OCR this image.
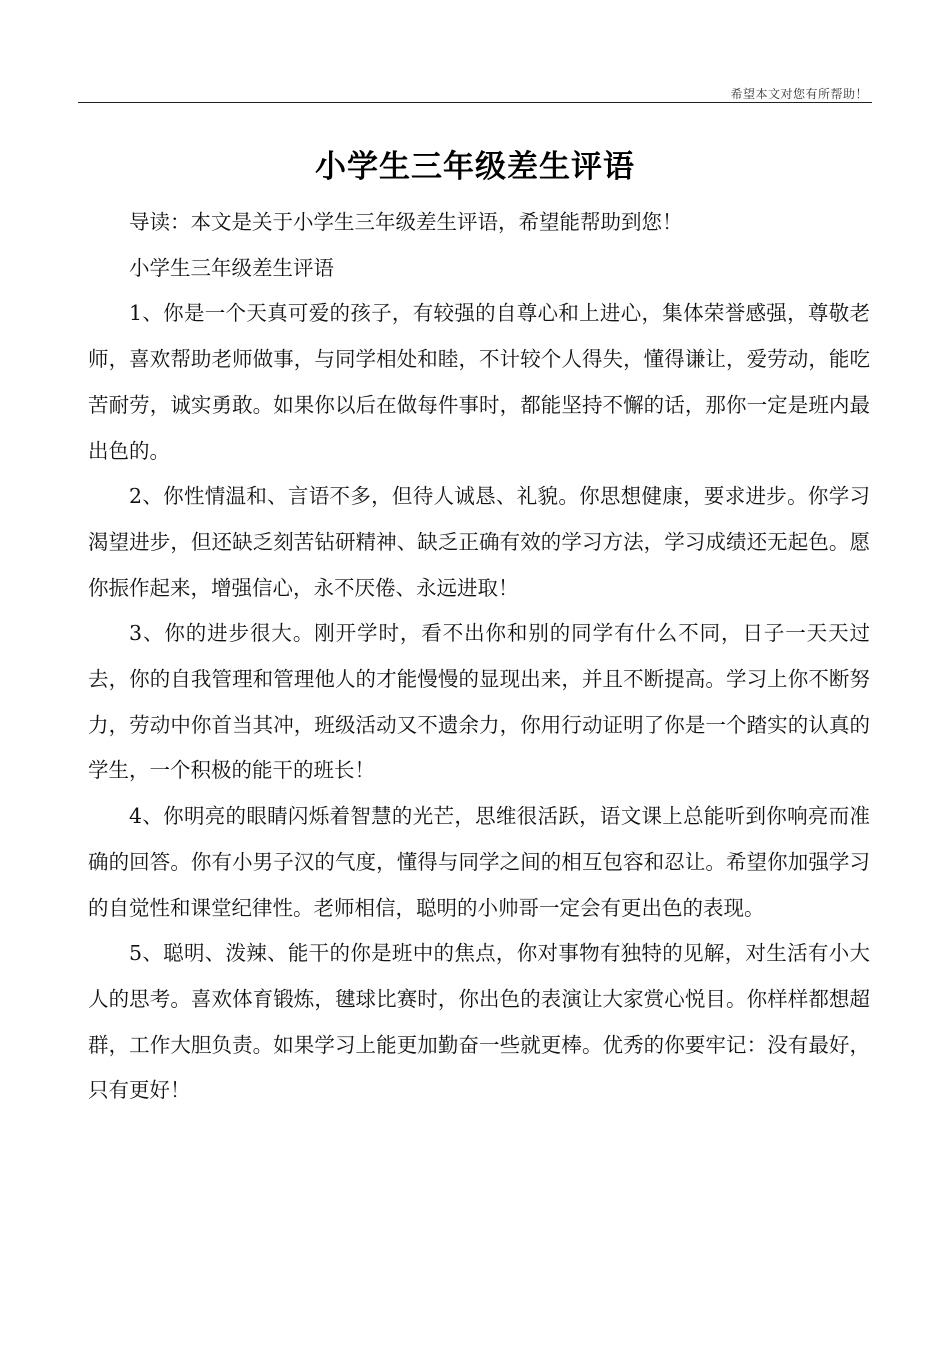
希望本文对您有所帮助！
小学生三年级差生评语

导读：本文是关于小学生三年级差生评语，希望能帮助到您！

小学生三年级差生评语

1、你是一个天真可爱的孩子，有较强的自尊心和上进心，集体荣誉感强，尊敬老师，喜欢帮助老师做事，与同学相处和睦，不计较个人得失，懂得谦让，爱劳动，能吃苦耐劳，诚实勇敢。如果你以后在做每件事时，都能坚持不懈的话，那你一定是班内最出色的。

2、你性情温和、言语不多，但待人诚恳、礼貌。你思想健康，要求进步。你学习渴望进步，但还缺乏刻苦钻研精神、缺乏正确有效的学习方法，学习成绩还无起色。愿你振作起来，增强信心，永不厌倦、永远进取！

3、你的进步很大。刚开学时，看不出你和别的同学有什么不同，日子一天天过去，你的自我管理和管理他人的才能慢慢的显现出来，并且不断提高。学习上你不断努力，劳动中你首当其冲，班级活动又不遗余力，你用行动证明了你是一个踏实的认真的学生，一个积极的能干的班长！

4、你明亮的眼睛闪烁着智慧的光芒，思维很活跃，语文课上总能听到你响亮而准确的回答。你有小男子汉的气度，懂得与同学之间的相互包容和忍让。希望你加强学习的自觉性和课堂纪律性。老师相信，聪明的小帅哥一定会有更出色的表现。

5、聪明、泼辣、能干的你是班中的焦点，你对事物有独特的见解，对生活有小大人的思考。喜欢体育锻炼，毽球比赛时，你出色的表演让大家赏心悦目。你样样都想超群，工作大胆负责。如果学习上能更加勤奋一些就更棒。优秀的你要牢记：没有最好，只有更好！
